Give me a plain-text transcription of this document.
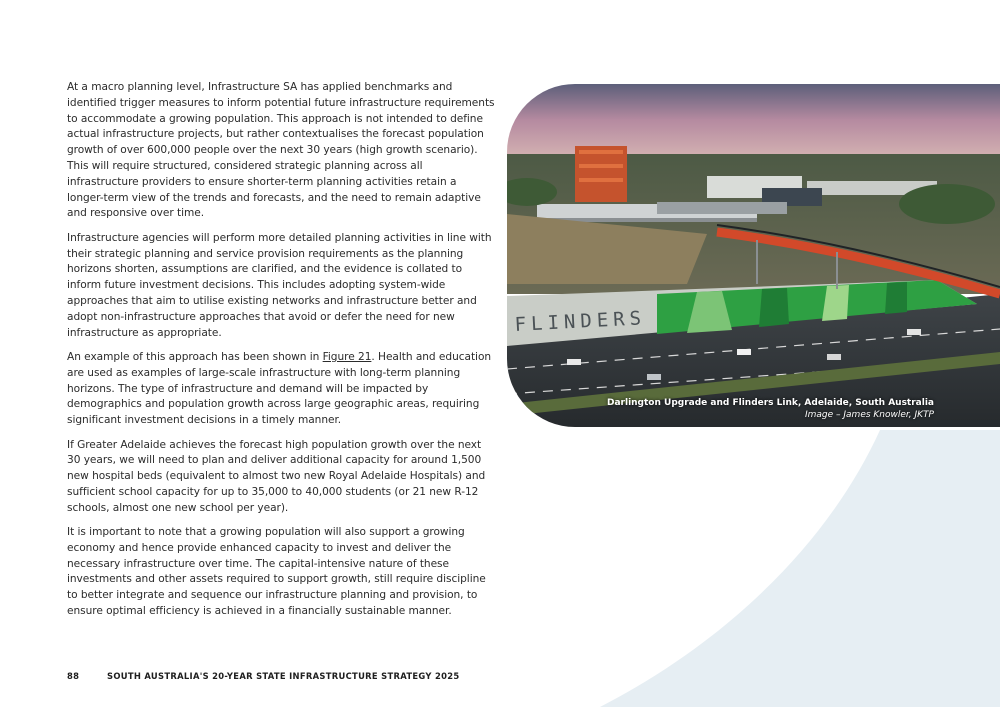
At a macro planning level, Infrastructure SA has applied benchmarks and identified trigger measures to inform potential future infrastructure requirements to accommodate a growing population. This approach is not intended to define actual infrastructure projects, but rather contextualises the forecast population growth of over 600,000 people over the next 30 years (high growth scenario). This will require structured, considered strategic planning across all infrastructure providers to ensure shorter-term planning activities retain a longer-term view of the trends and forecasts, and the need to remain adaptive and responsive over time.

Infrastructure agencies will perform more detailed planning activities in line with their strategic planning and service provision requirements as the planning horizons shorten, assumptions are clarified, and the evidence is collated to inform future investment decisions. This includes adopting system-wide approaches that aim to utilise existing networks and infrastructure better and adopt non-infrastructure approaches that avoid or defer the need for new infrastructure as appropriate.

An example of this approach has been shown in Figure 21. Health and education are used as examples of large-scale infrastructure with long-term planning horizons. The type of infrastructure and demand will be impacted by demographics and population growth across large geographic areas, requiring significant investment decisions in a timely manner.

If Greater Adelaide achieves the forecast high population growth over the next 30 years, we will need to plan and deliver additional capacity for around 1,500 new hospital beds (equivalent to almost two new Royal Adelaide Hospitals) and sufficient school capacity for up to 35,000 to 40,000 students (or 21 new R-12 schools, almost one new school per year).

It is important to note that a growing population will also support a growing economy and hence provide enhanced capacity to invest and deliver the necessary infrastructure over time. The capital-intensive nature of these investments and other assets required to support growth, still require discipline to better integrate and sequence our infrastructure planning and provision, to ensure optimal efficiency is achieved in a financially sustainable manner.

FLINDERS
Darlington Upgrade and Flinders Link, Adelaide, South Australia
Image – James Knowler, JKTP
88	SOUTH AUSTRALIA'S 20-YEAR STATE INFRASTRUCTURE STRATEGY 2025
